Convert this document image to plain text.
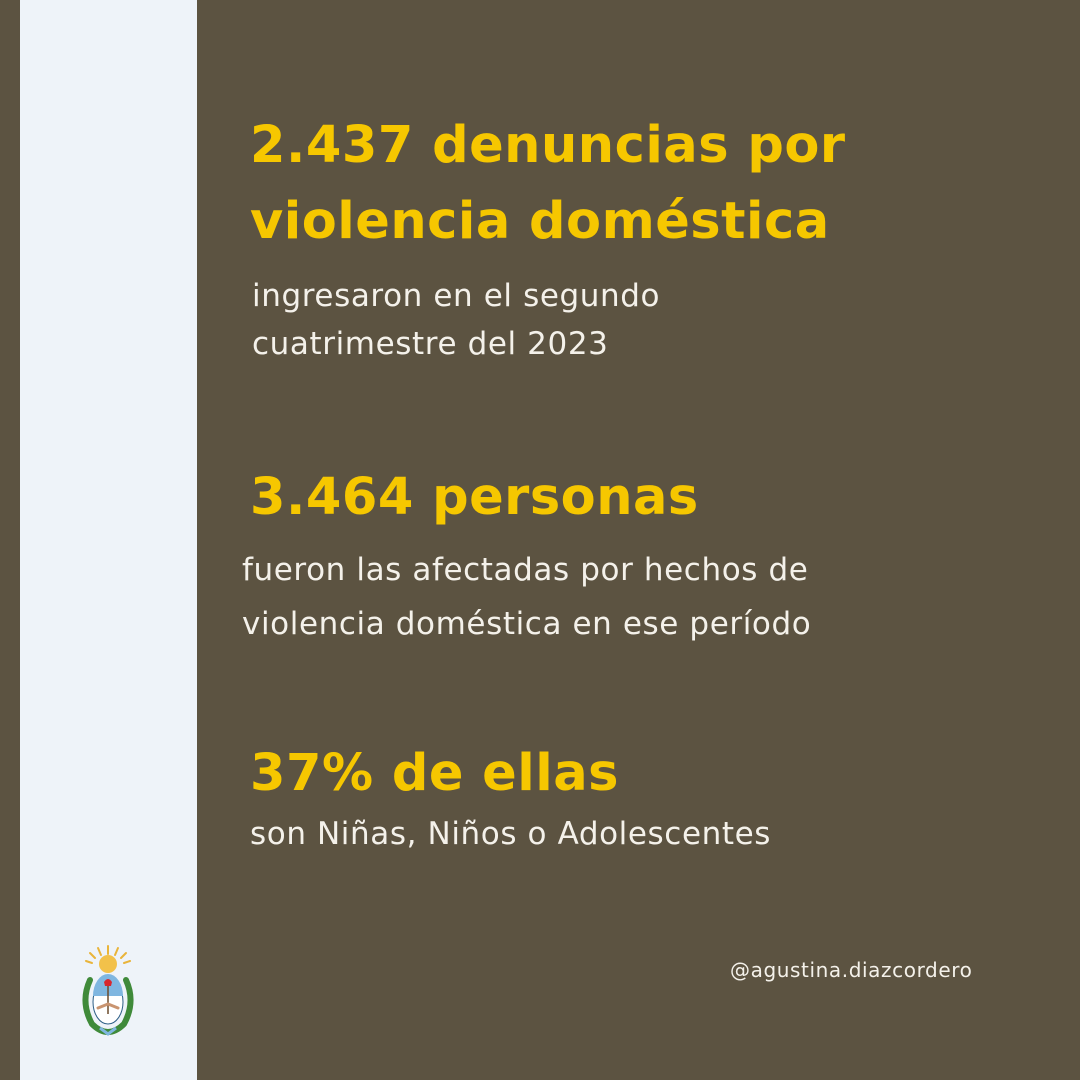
2.437 denuncias por
violencia doméstica
ingresaron en el segundo
cuatrimestre del 2023
3.464 personas
fueron las afectadas por hechos de
violencia doméstica en ese período
37% de ellas
son Niñas, Niños o Adolescentes
@agustina.diazcordero
